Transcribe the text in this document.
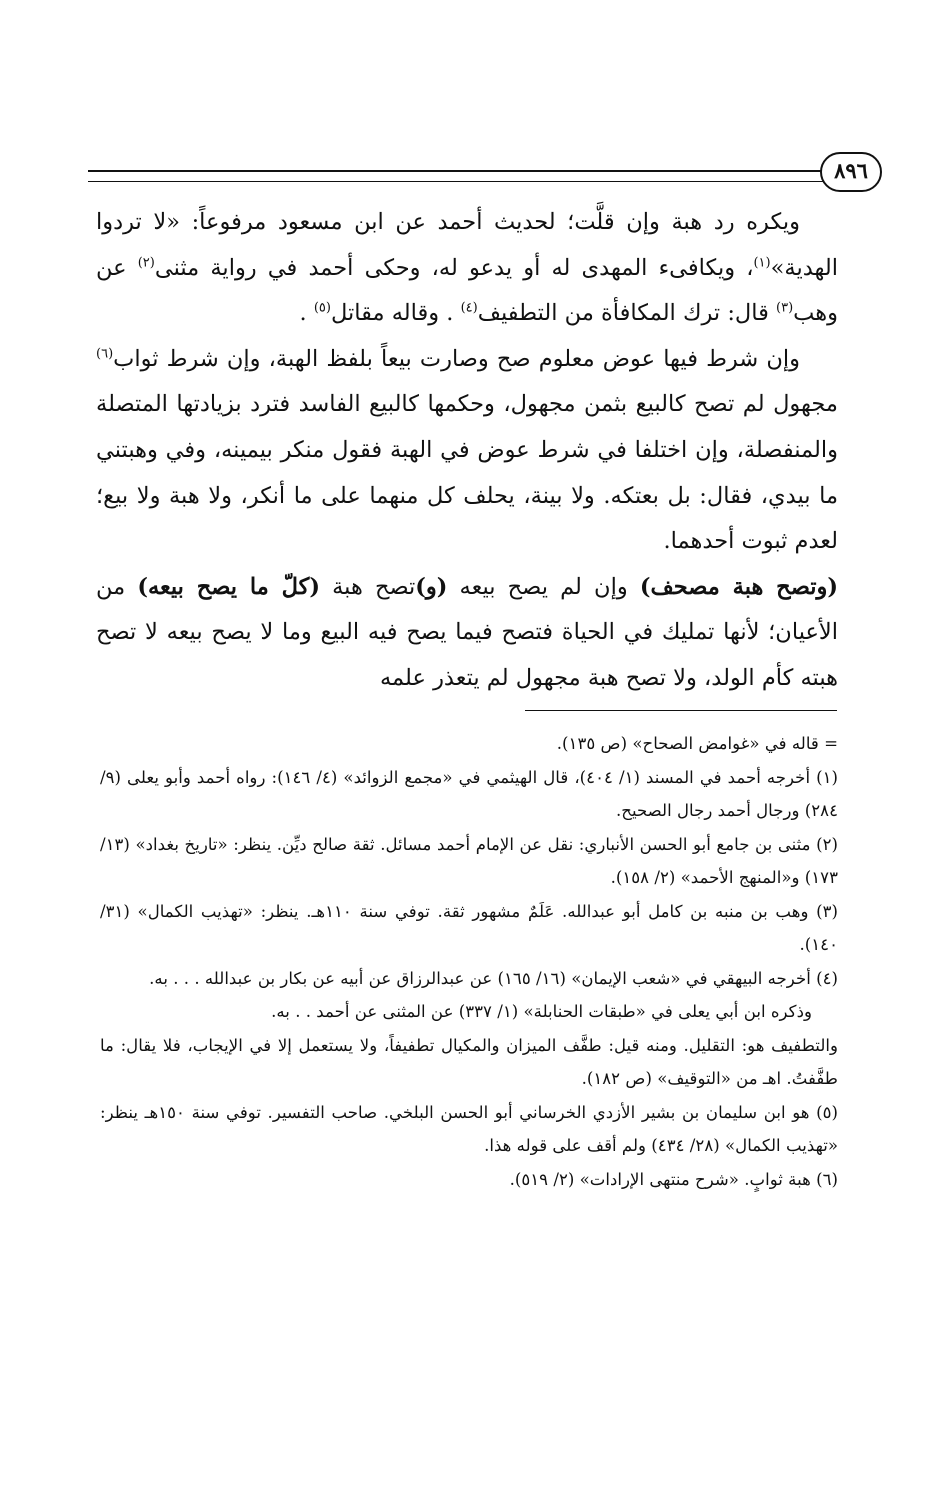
٨٩٦

ويكره رد هبة وإن قلَّت؛ لحديث أحمد عن ابن مسعود مرفوعاً: «لا تردوا الهدية»$^{(١)}$، ويكافىء المهدى له أو يدعو له، وحكى أحمد في رواية مثنى$^{(٢)}$ عن وهب$^{(٣)}$ قال: ترك المكافأة من التطفيف$^{(٤)}$ . وقاله مقاتل$^{(٥)}$ .

وإن شرط فيها عوض معلوم صح وصارت بيعاً بلفظ الهبة، وإن شرط ثواب$^{(٦)}$ مجهول لم تصح كالبيع بثمن مجهول، وحكمها كالبيع الفاسد فترد بزيادتها المتصلة والمنفصلة، وإن اختلفا في شرط عوض في الهبة فقول منكر بيمينه، وفي وهبتني ما بيدي، فقال: بل بعتكه. ولا بينة، يحلف كل منهما على ما أنكر، ولا هبة ولا بيع؛ لعدم ثبوت أحدهما.

(وتصح هبة مصحف) وإن لم يصح بيعه (و)تصح هبة (كلّ ما يصح بيعه) من الأعيان؛ لأنها تمليك في الحياة فتصح فيما يصح فيه البيع وما لا يصح بيعه لا تصح هبته كأم الولد، ولا تصح هبة مجهول لم يتعذر علمه

= قاله في «غوامض الصحاح» (ص ١٣٥).

(١) أخرجه أحمد في المسند (١/ ٤٠٤)، قال الهيثمي في «مجمع الزوائد» (٤/ ١٤٦): رواه أحمد وأبو يعلى (٩/ ٢٨٤) ورجال أحمد رجال الصحيح.

(٢) مثنى بن جامع أبو الحسن الأنباري: نقل عن الإمام أحمد مسائل. ثقة صالح ديِّن. ينظر: «تاريخ بغداد» (١٣/ ١٧٣) و«المنهج الأحمد» (٢/ ١٥٨).

(٣) وهب بن منبه بن كامل أبو عبدالله. عَلَمٌ مشهور ثقة. توفي سنة ١١٠هـ. ينظر: «تهذيب الكمال» (٣١/ ١٤٠).

(٤) أخرجه البيهقي في «شعب الإيمان» (١٦/ ١٦٥) عن عبدالرزاق عن أبيه عن بكار بن عبدالله . . . به.

وذكره ابن أبي يعلى في «طبقات الحنابلة» (١/ ٣٣٧) عن المثنى عن أحمد . . به.

والتطفيف هو: التقليل. ومنه قيل: طفَّف الميزان والمكيال تطفيفاً، ولا يستعمل إلا في الإيجاب، فلا يقال: ما طفَّفتُ. اهـ من «التوقيف» (ص ١٨٢).

(٥) هو ابن سليمان بن بشير الأزدي الخرساني أبو الحسن البلخي. صاحب التفسير. توفي سنة ١٥٠هـ ينظر: «تهذيب الكمال» (٢٨/ ٤٣٤) ولم أقف على قوله هذا.

(٦) هبة ثوابٍ. «شرح منتهى الإرادات» (٢/ ٥١٩).
